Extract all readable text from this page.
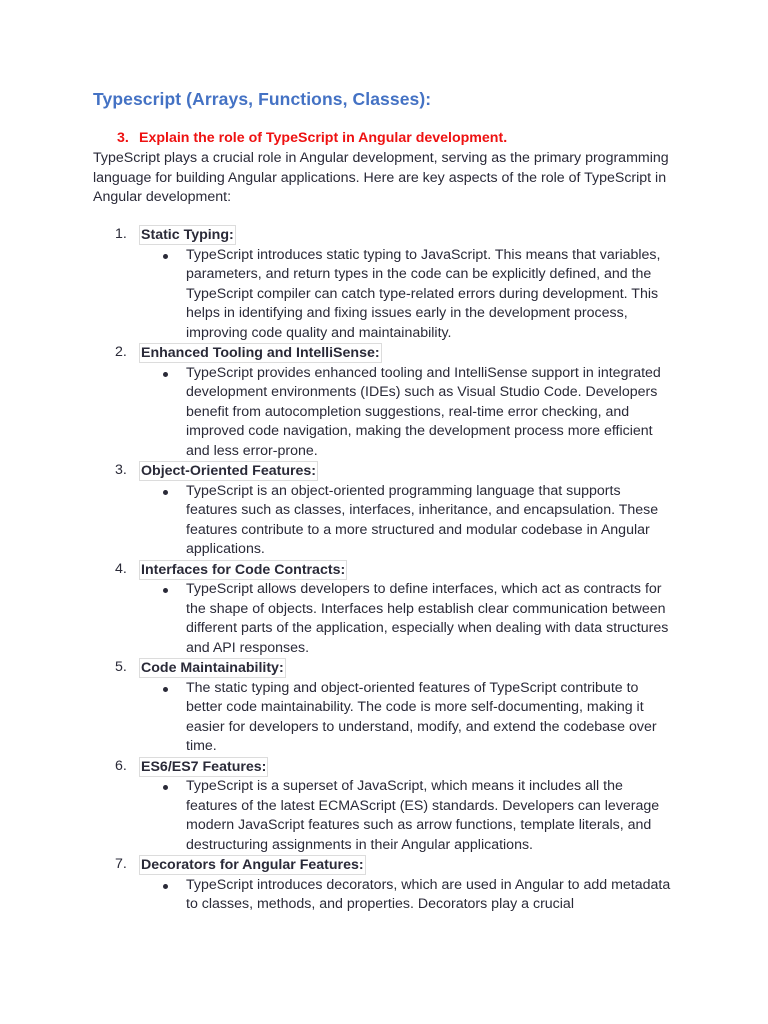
Typescript (Arrays, Functions, Classes):
3. Explain the role of TypeScript in Angular development.

TypeScript plays a crucial role in Angular development, serving as the primary programming language for building Angular applications. Here are key aspects of the role of TypeScript in Angular development:

1. Static Typing:
TypeScript introduces static typing to JavaScript. This means that variables, parameters, and return types in the code can be explicitly defined, and the TypeScript compiler can catch type-related errors during development. This helps in identifying and fixing issues early in the development process, improving code quality and maintainability.
2. Enhanced Tooling and IntelliSense:
TypeScript provides enhanced tooling and IntelliSense support in integrated development environments (IDEs) such as Visual Studio Code. Developers benefit from autocompletion suggestions, real-time error checking, and improved code navigation, making the development process more efficient and less error-prone.
3. Object-Oriented Features:
TypeScript is an object-oriented programming language that supports features such as classes, interfaces, inheritance, and encapsulation. These features contribute to a more structured and modular codebase in Angular applications.
4. Interfaces for Code Contracts:
TypeScript allows developers to define interfaces, which act as contracts for the shape of objects. Interfaces help establish clear communication between different parts of the application, especially when dealing with data structures and API responses.
5. Code Maintainability:
The static typing and object-oriented features of TypeScript contribute to better code maintainability. The code is more self-documenting, making it easier for developers to understand, modify, and extend the codebase over time.
6. ES6/ES7 Features:
TypeScript is a superset of JavaScript, which means it includes all the features of the latest ECMAScript (ES) standards. Developers can leverage modern JavaScript features such as arrow functions, template literals, and destructuring assignments in their Angular applications.
7. Decorators for Angular Features:
TypeScript introduces decorators, which are used in Angular to add metadata to classes, methods, and properties. Decorators play a crucial
